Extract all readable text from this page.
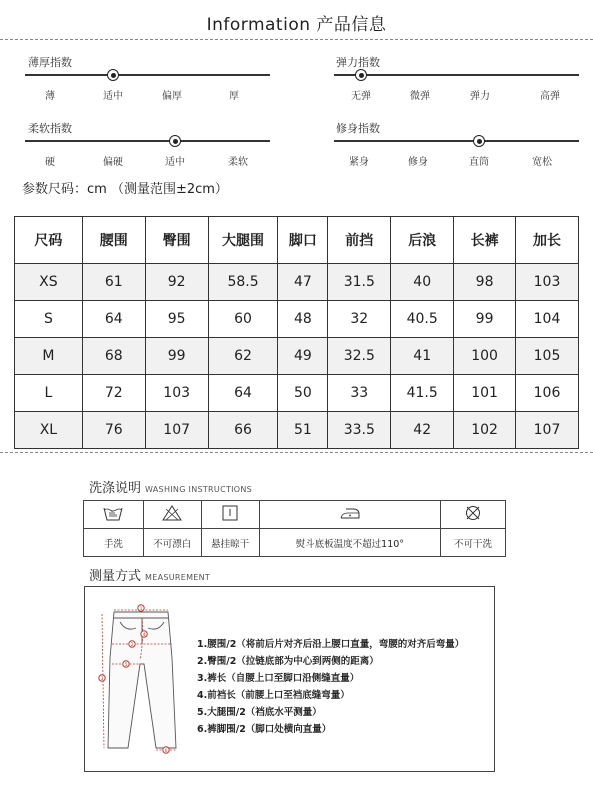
Information 产品信息
薄厚指数
薄	适中	偏厚	厚
弹力指数
无弹	微弹	弹力	高弹
柔软指数
硬	偏硬	适中	柔软
修身指数
紧身	修身	直筒	宽松
参数尺码：cm （测量范围±2cm）
尺码	腰围	臀围	大腿围	脚口	前挡	后浪	长裤	加长
XS	61	92	58.5	47	31.5	40	98	103
S	64	95	60	48	32	40.5	99	104
M	68	99	62	49	32.5	41	100	105
L	72	103	64	50	33	41.5	101	106
XL	76	107	66	51	33.5	42	102	107
洗涤说明 WASHING INSTRUCTIONS

手洗	不可漂白	悬挂晾干	熨斗底板温度不超过110°	不可干洗
测量方式 MEASUREMENT
1
2
3
4
5
6
1.腰围/2（将前后片对齐后沿上腰口直量，弯腰的对齐后弯量）
2.臀围/2（拉链底部为中心到两侧的距离）
3.裤长（自腰上口至脚口沿侧缝直量）
4.前裆长（前腰上口至裆底缝弯量）
5.大腿围/2（裆底水平测量）
6.裤脚围/2（脚口处横向直量）
